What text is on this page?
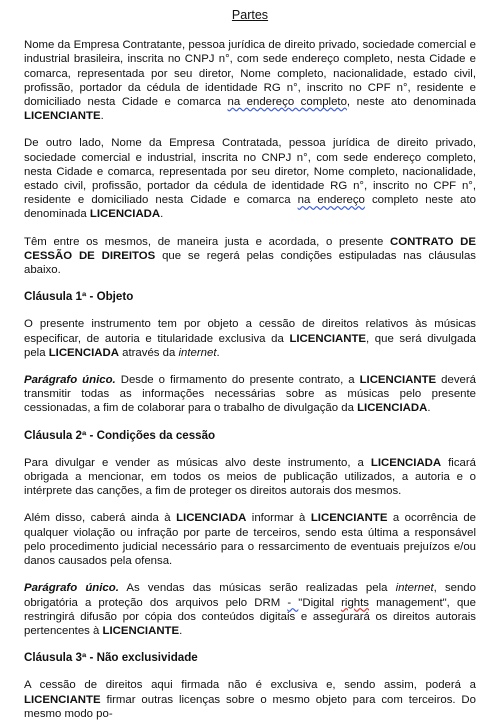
Partes

Nome da Empresa Contratante, pessoa jurídica de direito privado, sociedade comercial e industrial brasileira, inscrita no CNPJ n°, com sede endereço completo, nesta Cidade e comarca, representada por seu diretor, Nome completo, nacionalidade, estado civil, profissão, portador da cédula de identidade RG n°, inscrito no CPF n°, residente e domiciliado nesta Cidade e comarca na endereço completo, neste ato denominada LICENCIANTE.

De outro lado, Nome da Empresa Contratada, pessoa jurídica de direito privado, sociedade comercial e industrial, inscrita no CNPJ n°, com sede endereço completo, nesta Cidade e comarca, representada por seu diretor, Nome completo, nacionalidade, estado civil, profissão, portador da cédula de identidade RG n°, inscrito no CPF n°, residente e domiciliado nesta Cidade e comarca na endereço completo neste ato denominada LICENCIADA.

Têm entre os mesmos, de maneira justa e acordada, o presente CONTRATO DE CESSÃO DE DIREITOS que se regerá pelas condições estipuladas nas cláusulas abaixo.

Cláusula 1ª - Objeto

O presente instrumento tem por objeto a cessão de direitos relativos às músicas especificar, de autoria e titularidade exclusiva da LICENCIANTE, que será divulgada pela LICENCIADA através da internet.

Parágrafo único. Desde o firmamento do presente contrato, a LICENCIANTE deverá transmitir todas as informações necessárias sobre as músicas pelo presente cessionadas, a fim de colaborar para o trabalho de divulgação da LICENCIADA.

Cláusula 2ª - Condições da cessão

Para divulgar e vender as músicas alvo deste instrumento, a LICENCIADA ficará obrigada a mencionar, em todos os meios de publicação utilizados, a autoria e o intérprete das canções, a fim de proteger os direitos autorais dos mesmos.

Além disso, caberá ainda à LICENCIADA informar à LICENCIANTE a ocorrência de qualquer violação ou infração por parte de terceiros, sendo esta última a responsável pelo procedimento judicial necessário para o ressarcimento de eventuais prejuízos e/ou danos causados pela ofensa.

Parágrafo único. As vendas das músicas serão realizadas pela internet, sendo obrigatória a proteção dos arquivos pelo DRM - "Digital rights management", que restringirá difusão por cópia dos conteúdos digitais e assegurará os direitos autorais pertencentes à LICENCIANTE.

Cláusula 3ª - Não exclusividade

A cessão de direitos aqui firmada não é exclusiva e, sendo assim, poderá a LICENCIANTE firmar outras licenças sobre o mesmo objeto para com terceiros. Do mesmo modo po-
